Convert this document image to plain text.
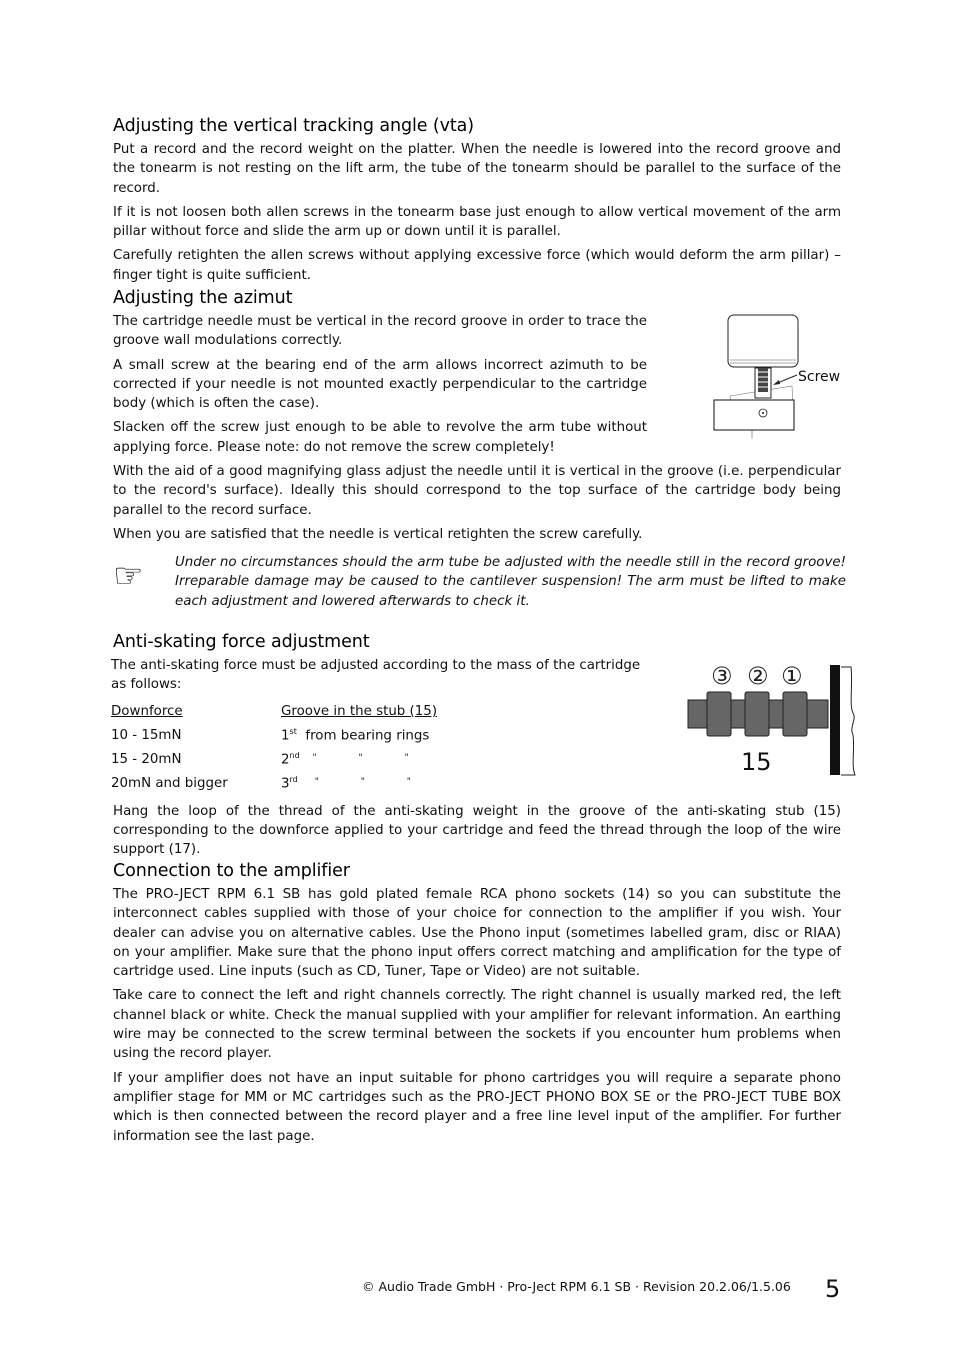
Adjusting the vertical tracking angle (vta)

Put a record and the record weight on the platter. When the needle is lowered into the record groove and the tonearm is not resting on the lift arm, the tube of the tonearm should be parallel to the surface of the record.

If it is not loosen both allen screws in the tonearm base just enough to allow vertical movement of the arm pillar without force and slide the arm up or down until it is parallel.

Carefully retighten the allen screws without applying excessive force (which would deform the arm pillar) – finger tight is quite sufficient.

Adjusting the azimut

The cartridge needle must be vertical in the record groove in order to trace the groove wall modulations correctly.

A small screw at the bearing end of the arm allows incorrect azimuth to be corrected if your needle is not mounted exactly perpendicular to the cartridge body (which is often the case).

Slacken off the screw just enough to be able to revolve the arm tube without applying force. Please note: do not remove the screw completely!

With the aid of a good magnifying glass adjust the needle until it is vertical in the groove (i.e. perpendicular to the record's surface). Ideally this should correspond to the top surface of the cartridge body being parallel to the record surface.

When you are satisfied that the needle is vertical retighten the screw carefully.

☞ Under no circumstances should the arm tube be adjusted with the needle still in the record groove! Irreparable damage may be caused to the cantilever suspension! The arm must be lifted to make each adjustment and lowered afterwards to check it.

Anti-skating force adjustment

The anti-skating force must be adjusted according to the mass of the cartridge as follows:

Downforce	Groove in the stub (15)
10 - 15mN	1st from bearing rings
15 - 20mN	2nd " " "
20mN and bigger	3rd " " "

Hang the loop of the thread of the anti-skating weight in the groove of the anti-skating stub (15) corresponding to the downforce applied to your cartridge and feed the thread through the loop of the wire support (17).

Connection to the amplifier

The PRO-JECT RPM 6.1 SB has gold plated female RCA phono sockets (14) so you can substitute the interconnect cables supplied with those of your choice for connection to the amplifier if you wish. Your dealer can advise you on alternative cables. Use the Phono input (sometimes labelled gram, disc or RIAA) on your amplifier. Make sure that the phono input offers correct matching and amplification for the type of cartridge used. Line inputs (such as CD, Tuner, Tape or Video) are not suitable.

Take care to connect the left and right channels correctly. The right channel is usually marked red, the left channel black or white. Check the manual supplied with your amplifier for relevant information. An earthing wire may be connected to the screw terminal between the sockets if you encounter hum problems when using the record player.

If your amplifier does not have an input suitable for phono cartridges you will require a separate phono amplifier stage for MM or MC cartridges such as the PRO-JECT PHONO BOX SE or the PRO-JECT TUBE BOX which is then connected between the record player and a free line level input of the amplifier. For further information see the last page.

Screw
③ ② ①
15
© Audio Trade GmbH · Pro-Ject RPM 6.1 SB · Revision 20.2.06/1.5.06 5
